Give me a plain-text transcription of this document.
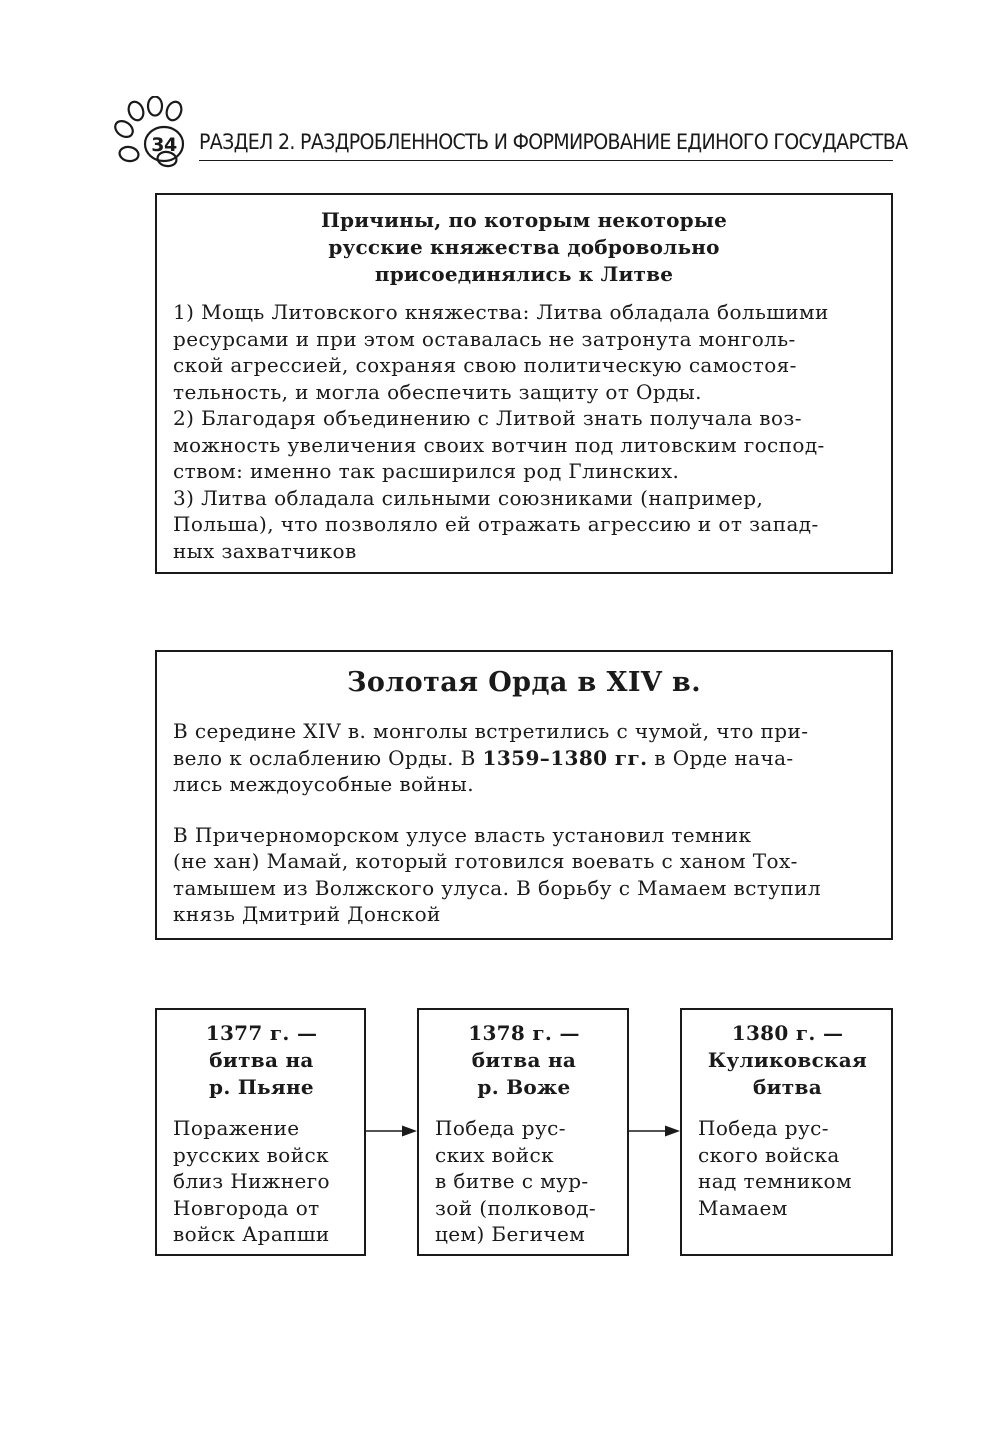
34 РАЗДЕЛ 2. РАЗДРОБЛЕННОСТЬ И ФОРМИРОВАНИЕ ЕДИНОГО ГОСУДАРСТВА
Причины, по которым некоторые
русские княжества добровольно
присоединялись к Литве

1) Мощь Литовского княжества: Литва обладала большими

ресурсами и при этом оставалась не затронута монголь-

ской агрессией, сохраняя свою политическую самостоя-

тельность, и могла обеспечить защиту от Орды.

2) Благодаря объединению с Литвой знать получала воз-

можность увеличения своих вотчин под литовским господ-

ством: именно так расширился род Глинских.

3) Литва обладала сильными союзниками (например,

Польша), что позволяло ей отражать агрессию и от запад-

ных захватчиков

Золотая Орда в XIV в.
В середине XIV в. монголы встретились с чумой, что при-
вело к ослаблению Орды. В 1359–1380 гг. в Орде нача-
лись междоусобные войны.
В Причерноморском улусе власть установил темник
(не хан) Мамай, который готовился воевать с ханом Тох-
тамышем из Волжского улуса. В борьбу с Мамаем вступил
князь Дмитрий Донской
1377 г. —
битва на
р. Пьяне
Поражение
русских войск
близ Нижнего
Новгорода от
войск Арапши
1378 г. —
битва на
р. Воже
Победа рус-
ских войск
в битве с мур-
зой (полковод-
цем) Бегичем
1380 г. —
Куликовская
битва
Победа рус-
ского войска
над темником
Мамаем
